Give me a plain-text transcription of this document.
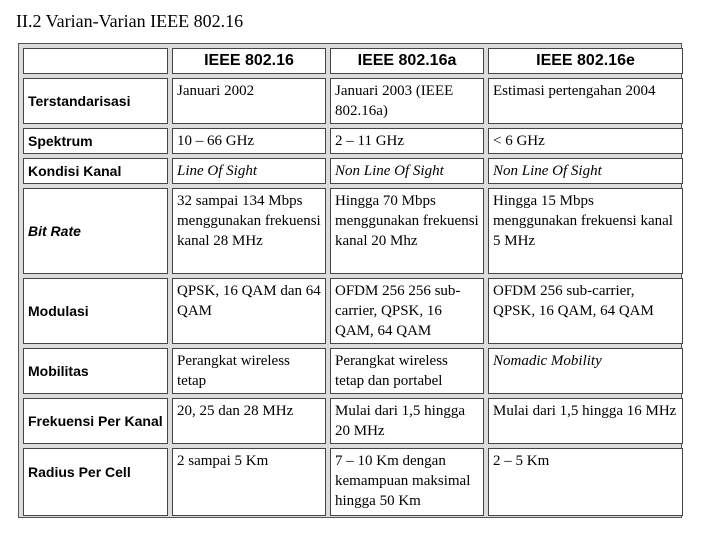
II.2 Varian-Varian IEEE 802.16
	IEEE 802.16	IEEE 802.16a	IEEE 802.16e
Terstandarisasi	Januari 2002	Januari 2003 (IEEE 802.16a)	Estimasi pertengahan 2004
Spektrum	10 – 66 GHz	2 – 11 GHz	< 6 GHz
Kondisi Kanal	Line Of Sight	Non Line Of Sight	Non Line Of Sight
Bit Rate	32 sampai 134 Mbps menggunakan frekuensi kanal 28 MHz	Hingga 70 Mbps menggunakan frekuensi kanal 20 Mhz	Hingga 15 Mbps menggunakan frekuensi kanal 5 MHz
Modulasi	QPSK, 16 QAM dan 64 QAM	OFDM 256 256 sub-carrier, QPSK, 16 QAM, 64 QAM	OFDM 256 sub-carrier, QPSK, 16 QAM, 64 QAM
Mobilitas	Perangkat wireless tetap	Perangkat wireless tetap dan portabel	Nomadic Mobility
Frekuensi Per Kanal	20, 25 dan 28 MHz	Mulai dari 1,5 hingga 20 MHz	Mulai dari 1,5 hingga 16 MHz
Radius Per Cell	2 sampai 5 Km	7 – 10 Km dengan kemampuan maksimal hingga 50 Km	2 – 5 Km
